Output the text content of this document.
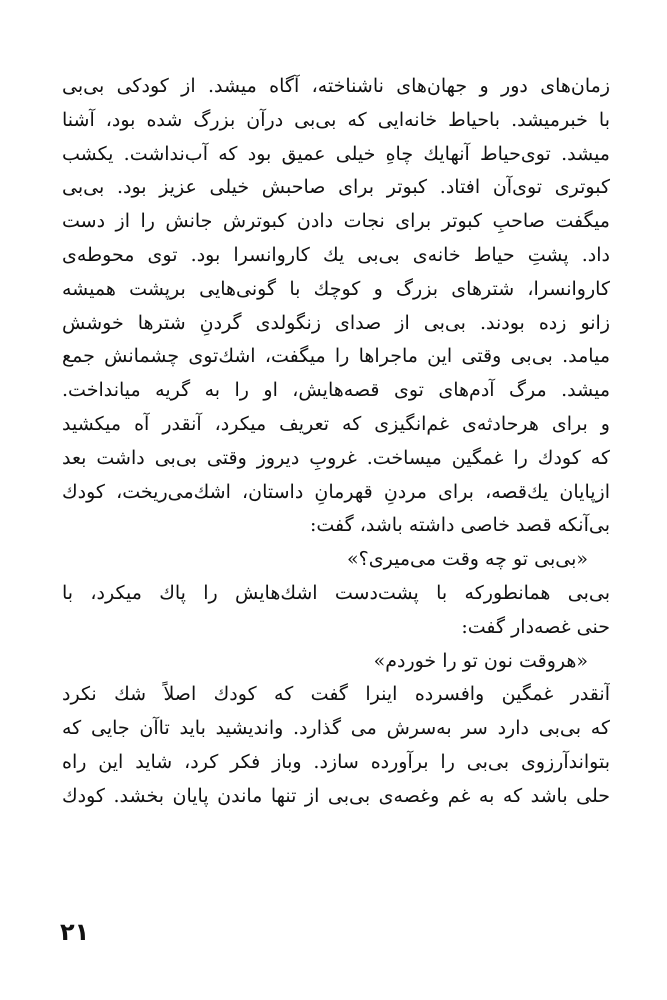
زمان‌های دور و جهان‌های ناشناخته، آگاه میشد. از کودکی بی‌بی
با خبرمیشد. باحیاط خانه‌ایی که بی‌بی درآن بزرگ شده بود، آشنا
میشد. توی‌حیاط آنهایك چاهِ خیلی عمیق بود که آب‌نداشت. یکشب
کبوتری توی‌آن افتاد. کبوتر برای صاحبش خیلی عزیز بود. بی‌بی
میگفت صاحبِ کبوتر برای نجات دادن کبوترش جانش را از دست
داد. پشتِ حیاط خانه‌ی بی‌بی یك کاروانسرا بود. توی محوطه‌ی
کاروانسرا، شترهای بزرگ و کوچك با گونی‌هایی برپشت همیشه
زانو زده بودند. بی‌بی از صدای زنگولدی گردنِ شترها خوشش
میامد. بی‌بی وقتی این ماجراها را میگفت، اشك‌توی چشمانش جمع
میشد. مرگ آدم‌های توی قصه‌هایش، او را به گریه میانداخت.
و برای هرحادثه‌ی غم‌انگیزی که تعریف میکرد، آنقدر آه میکشید
که کودك را غمگین میساخت. غروبِ دیروز وقتی بی‌بی داشت بعد
ازپایان یك‌قصه، برای مردنِ قهرمانِ داستان، اشك‌می‌ریخت، کودك
بی‌آنکه قصد خاصی داشته باشد، گفت:
«بی‌بی تو چه وقت می‌میری؟»
بی‌بی همانطورکه با پشت‌دست اشك‌هایش را پاك میکرد، با
حنی غصه‌دار گفت:
«هروقت نون تو را خوردم»
آنقدر غمگین وافسرده اینرا گفت که کودك اصلاً شك نکرد
که بی‌بی دارد سر به‌سرش می گذارد. واندیشید باید تاآن جایی که
بتواندآرزوی بی‌بی را برآورده سازد. وباز فکر کرد، شاید این راه
حلی باشد که به غم وغصه‌ی بی‌بی از تنها ماندن پایان بخشد. کودك
۲۱
